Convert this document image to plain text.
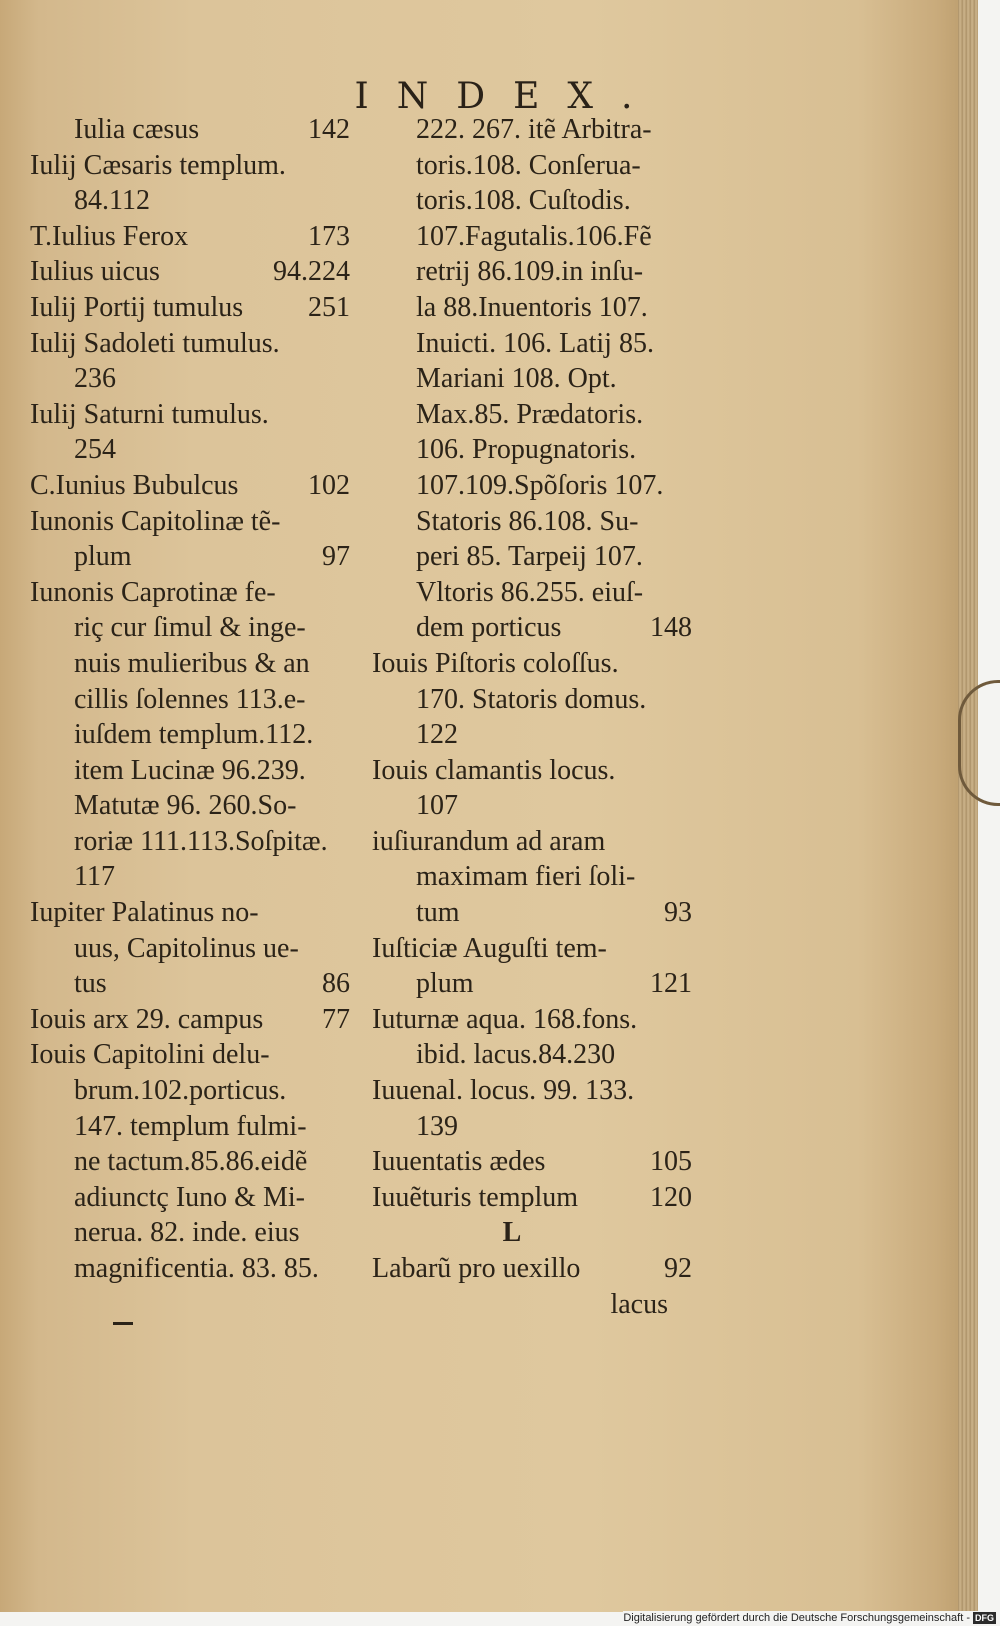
INDEX.
Iulia cæsus	142
Iulij Cæsaris templum.
84.112
T.Iulius Ferox	173
Iulius uicus	94.224
Iulij Portij tumulus	251
Iulij Sadoleti tumulus.
236
Iulij Saturni tumulus.
254
C.Iunius Bubulcus	102
Iunonis Capitolinæ tẽ-
plum	97
Iunonis Caprotinæ fe-
riç cur ſimul & inge-
nuis mulieribus & an
cillis ſolennes 113.e-
iuſdem templum.112.
item Lucinæ 96.239.
Matutæ 96. 260.So-
roriæ 111.113.Soſpitæ.
117
Iupiter Palatinus no-
uus, Capitolinus ue-
tus	86
Iouis arx 29. campus	77
Iouis Capitolini delu-
brum.102.porticus.
147. templum fulmi-
ne tactum.85.86.eidẽ
adiunctç Iuno & Mi-
nerua. 82. inde. eius
magnificentia. 83. 85.
222. 267. itẽ Arbitra-
toris.108. Conſerua-
toris.108. Cuſtodis.
107.Fagutalis.106.Fẽ
retrij 86.109.in inſu-
la 88.Inuentoris 107.
Inuicti. 106. Latij 85.
Mariani 108. Opt.
Max.85. Prædatoris.
106. Propugnatoris.
107.109.Spõſoris 107.
Statoris 86.108. Su-
peri 85. Tarpeij 107.
Vltoris 86.255. eiuſ-
dem porticus	148
Iouis Piſtoris coloſſus.
170. Statoris domus.
122
Iouis clamantis locus.
107
iuſiurandum ad aram
maximam fieri ſoli-
tum	93
Iuſticiæ Auguſti tem-
plum	121
Iuturnæ aqua. 168.fons.
ibid. lacus.84.230
Iuuenal. locus. 99. 133.
139
Iuuentatis ædes	105
Iuuẽturis templum	120
L
Labarũ pro uexillo	92
lacus
Digitalisierung gefördert durch die Deutsche Forschungsgemeinschaft - DFG
